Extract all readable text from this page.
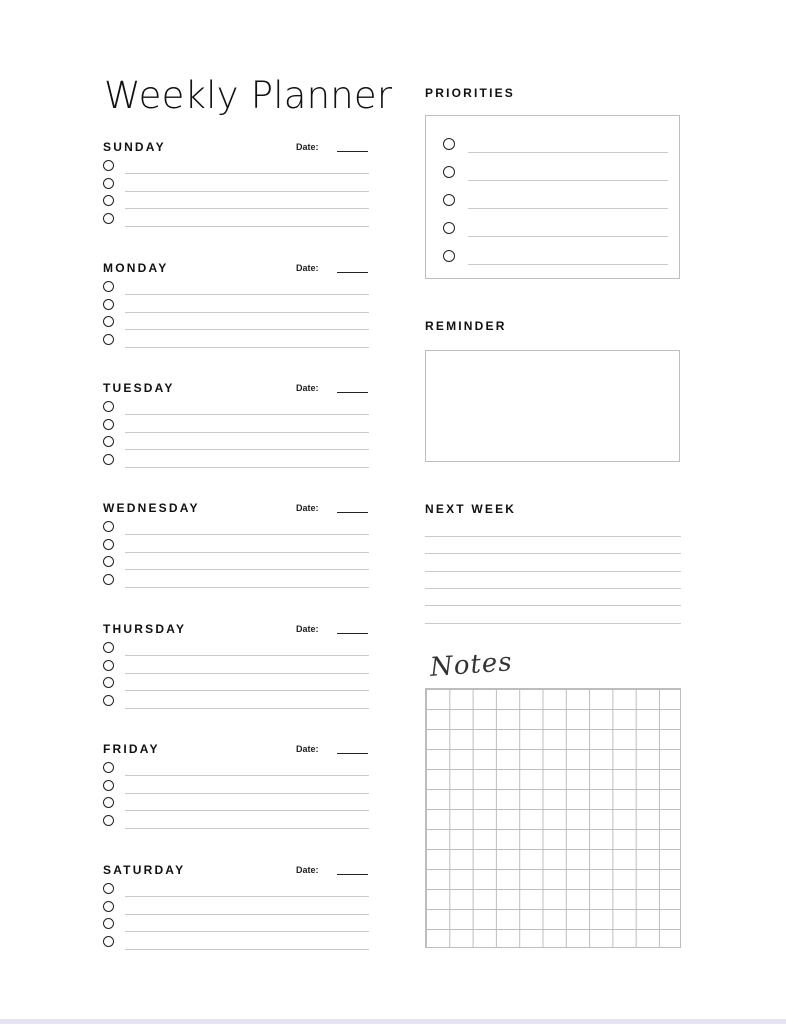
Weekly Planner
SUNDAY	Date:
MONDAY	Date:
TUESDAY	Date:
WEDNESDAY	Date:
THURSDAY	Date:
FRIDAY	Date:
SATURDAY	Date:
PRIORITIES
REMINDER
NEXT WEEK
Notes
